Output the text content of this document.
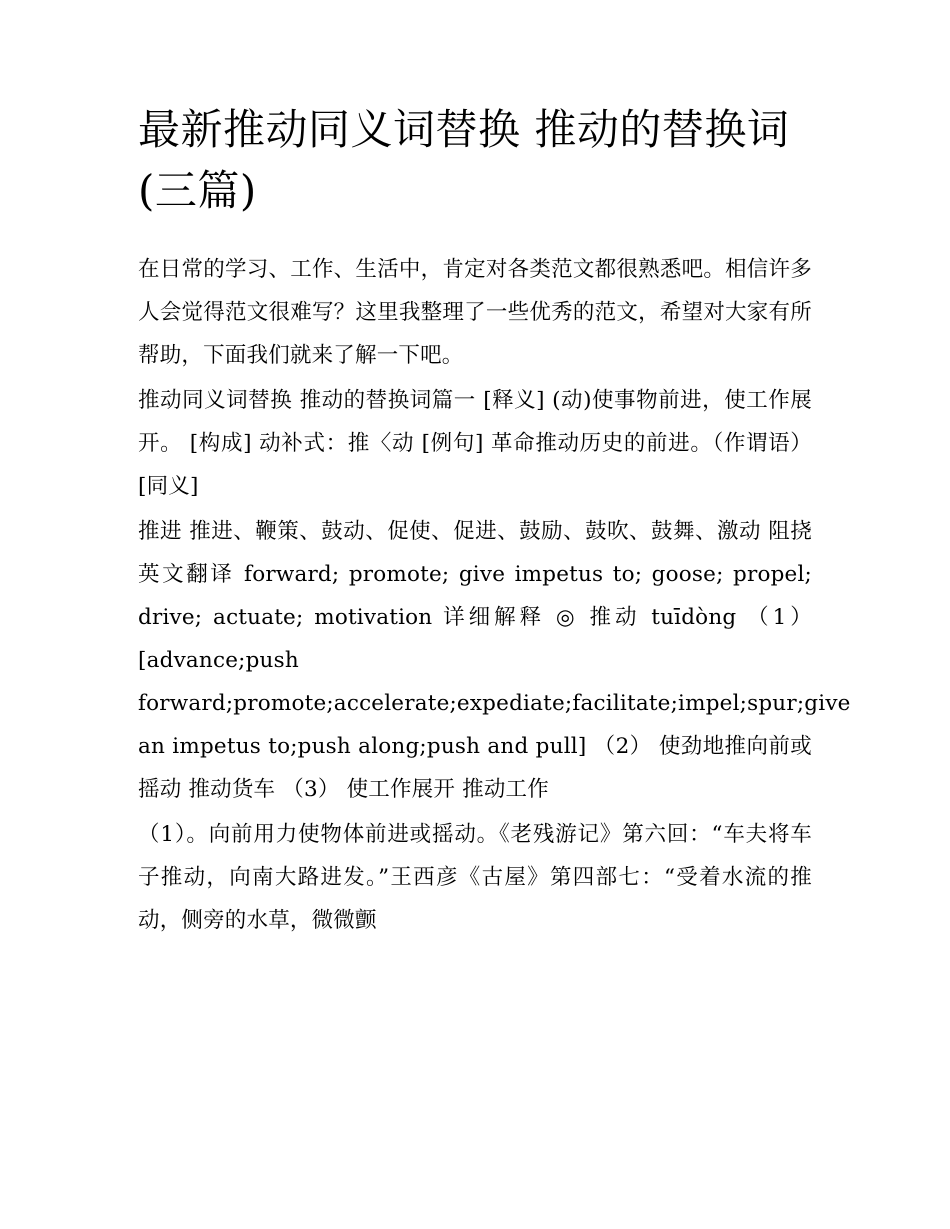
最新推动同义词替换 推动的替换词(三篇)

在日常的学习、工作、生活中，肯定对各类范文都很熟悉吧。相信许多人会觉得范文很难写？这里我整理了一些优秀的范文，希望对大家有所帮助，下面我们就来了解一下吧。

推动同义词替换 推动的替换词篇一 [释义] (动)使事物前进，使工作展开。 [构成] 动补式：推〈动 [例句] 革命推动历史的前进。（作谓语） [同义]

推进 推进、鞭策、鼓动、促使、促进、鼓励、鼓吹、鼓舞、激动 阻挠 英文翻译 forward; promote; give impetus to; goose; propel; drive; actuate; motivation 详细解释 ◎ 推动 tuīdòng （1） [advance;push forward;promote;accelerate;expediate;facilitate;impel;spur;give an impetus to;push along;push and pull] （2） 使劲地推向前或摇动 推动货车 （3） 使工作展开 推动工作

（1）。向前用力使物体前进或摇动。《老残游记》第六回：“车夫将车子推动，向南大路进发。”王西彦《古屋》第四部七：“受着水流的推动，侧旁的水草，微微颤
